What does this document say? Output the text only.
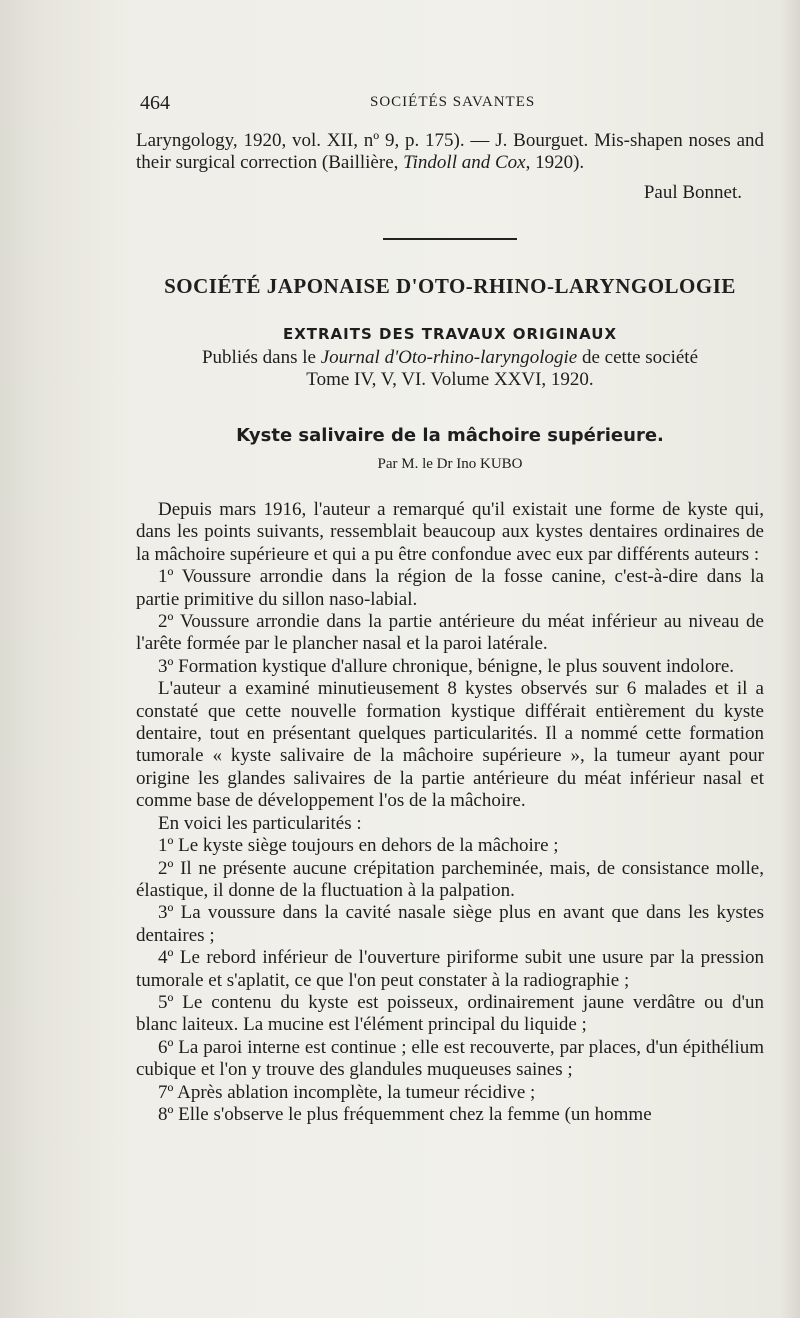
464	SOCIÉTÉS SAVANTES

Laryngology, 1920, vol. XII, nº 9, p. 175). — J. Bourguet. Mis-shapen noses and their surgical correction (Baillière, Tindoll and Cox, 1920).

Paul Bonnet.

SOCIÉTÉ JAPONAISE D'OTO-RHINO-LARYNGOLOGIE
EXTRAITS DES TRAVAUX ORIGINAUX

Publiés dans le Journal d'Oto-rhino-laryngologie de cette société
Tome IV, V, VI. Volume XXVI, 1920.

Kyste salivaire de la mâchoire supérieure.

Par M. le Dr Ino KUBO

Depuis mars 1916, l'auteur a remarqué qu'il existait une forme de kyste qui, dans les points suivants, ressemblait beaucoup aux kystes dentaires ordinaires de la mâchoire supérieure et qui a pu être confondue avec eux par différents auteurs :

1º Voussure arrondie dans la région de la fosse canine, c'est-à-dire dans la partie primitive du sillon naso-labial.

2º Voussure arrondie dans la partie antérieure du méat inférieur au niveau de l'arête formée par le plancher nasal et la paroi latérale.

3º Formation kystique d'allure chronique, bénigne, le plus souvent indolore.

L'auteur a examiné minutieusement 8 kystes observés sur 6 malades et il a constaté que cette nouvelle formation kystique différait entièrement du kyste dentaire, tout en présentant quelques particularités. Il a nommé cette formation tumorale « kyste salivaire de la mâchoire supérieure », la tumeur ayant pour origine les glandes salivaires de la partie antérieure du méat inférieur nasal et comme base de développement l'os de la mâchoire.

En voici les particularités :

1º Le kyste siège toujours en dehors de la mâchoire ;

2º Il ne présente aucune crépitation parcheminée, mais, de consistance molle, élastique, il donne de la fluctuation à la palpation.

3º La voussure dans la cavité nasale siège plus en avant que dans les kystes dentaires ;

4º Le rebord inférieur de l'ouverture piriforme subit une usure par la pression tumorale et s'aplatit, ce que l'on peut constater à la radiographie ;

5º Le contenu du kyste est poisseux, ordinairement jaune verdâtre ou d'un blanc laiteux. La mucine est l'élément principal du liquide ;

6º La paroi interne est continue ; elle est recouverte, par places, d'un épithélium cubique et l'on y trouve des glandules muqueuses saines ;

7º Après ablation incomplète, la tumeur récidive ;

8º Elle s'observe le plus fréquemment chez la femme (un homme
